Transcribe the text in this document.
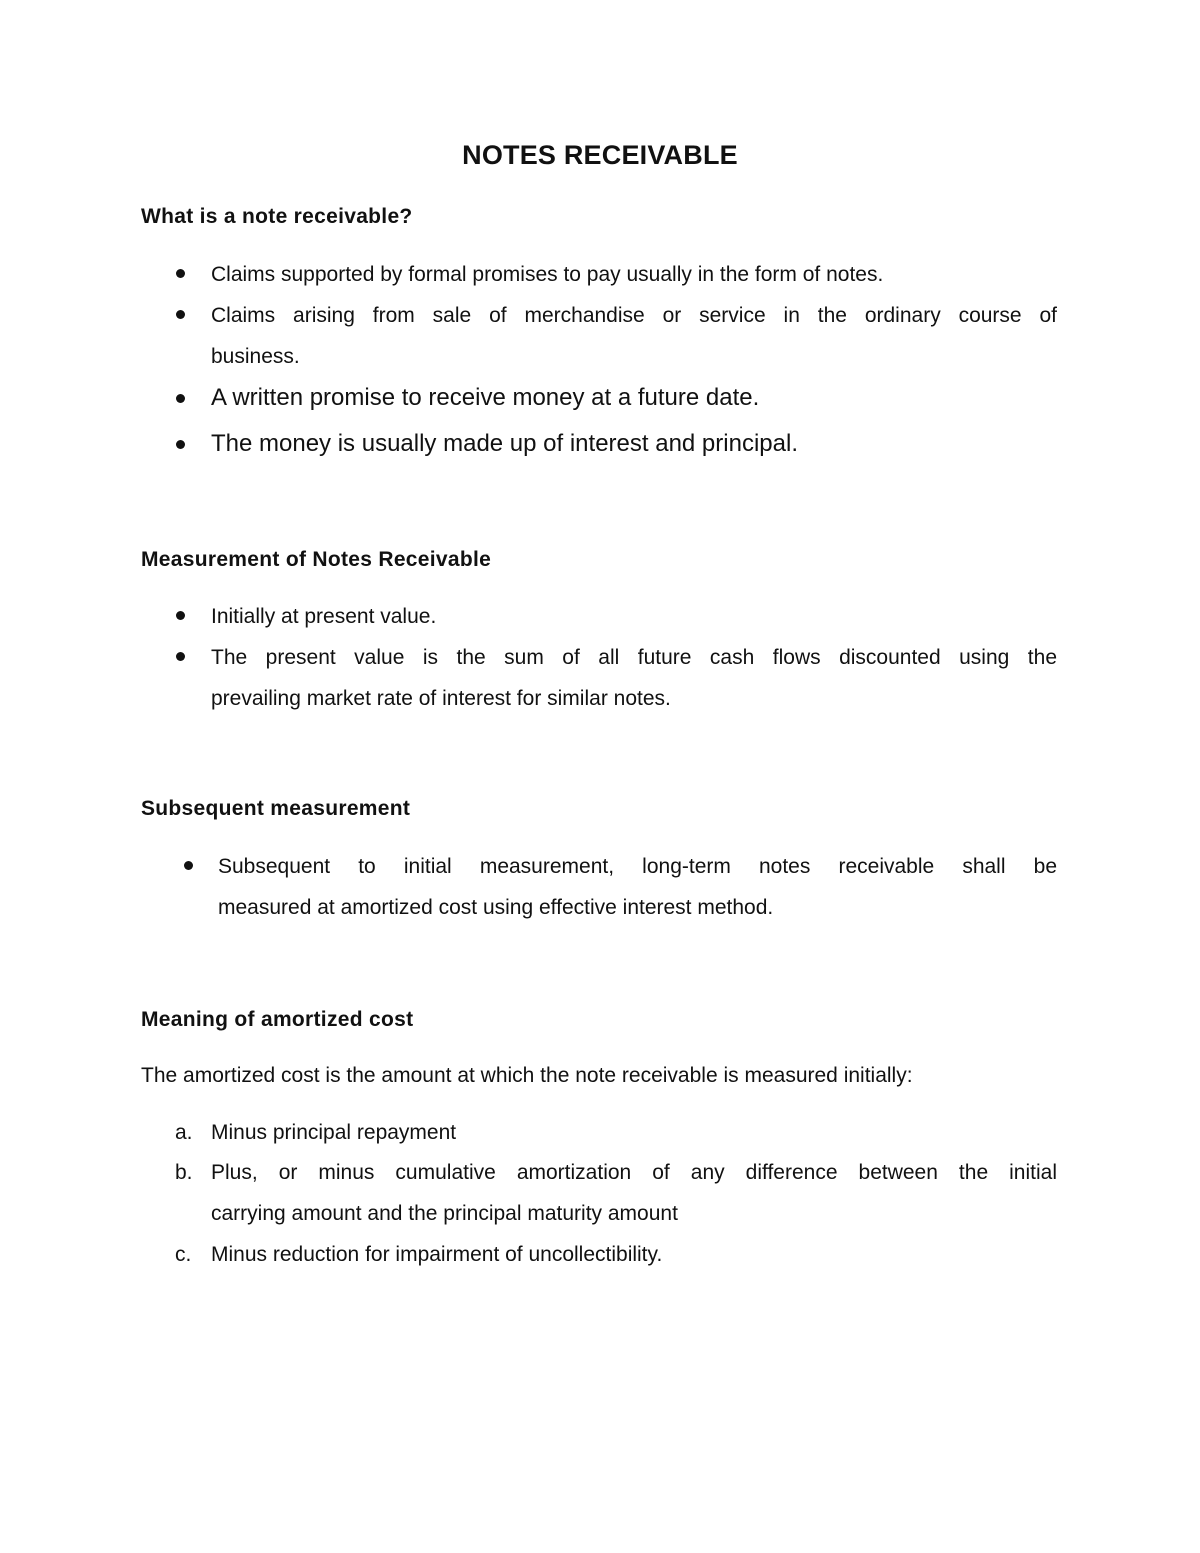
NOTES RECEIVABLE
What is a note receivable?
Claims supported by formal promises to pay usually in the form of notes.
Claims arising from sale of merchandise or service in the ordinary course of
business.
A written promise to receive money at a future date.
The money is usually made up of interest and principal.
Measurement of Notes Receivable
Initially at present value.
The present value is the sum of all future cash flows discounted using the
prevailing market rate of interest for similar notes.
Subsequent measurement
Subsequent to initial measurement, long-term notes receivable shall be
measured at amortized cost using effective interest method.
Meaning of amortized cost
The amortized cost is the amount at which the note receivable is measured initially:
a. Minus principal repayment
b. Plus, or minus cumulative amortization of any difference between the initial
carrying amount and the principal maturity amount
c. Minus reduction for impairment of uncollectibility.
